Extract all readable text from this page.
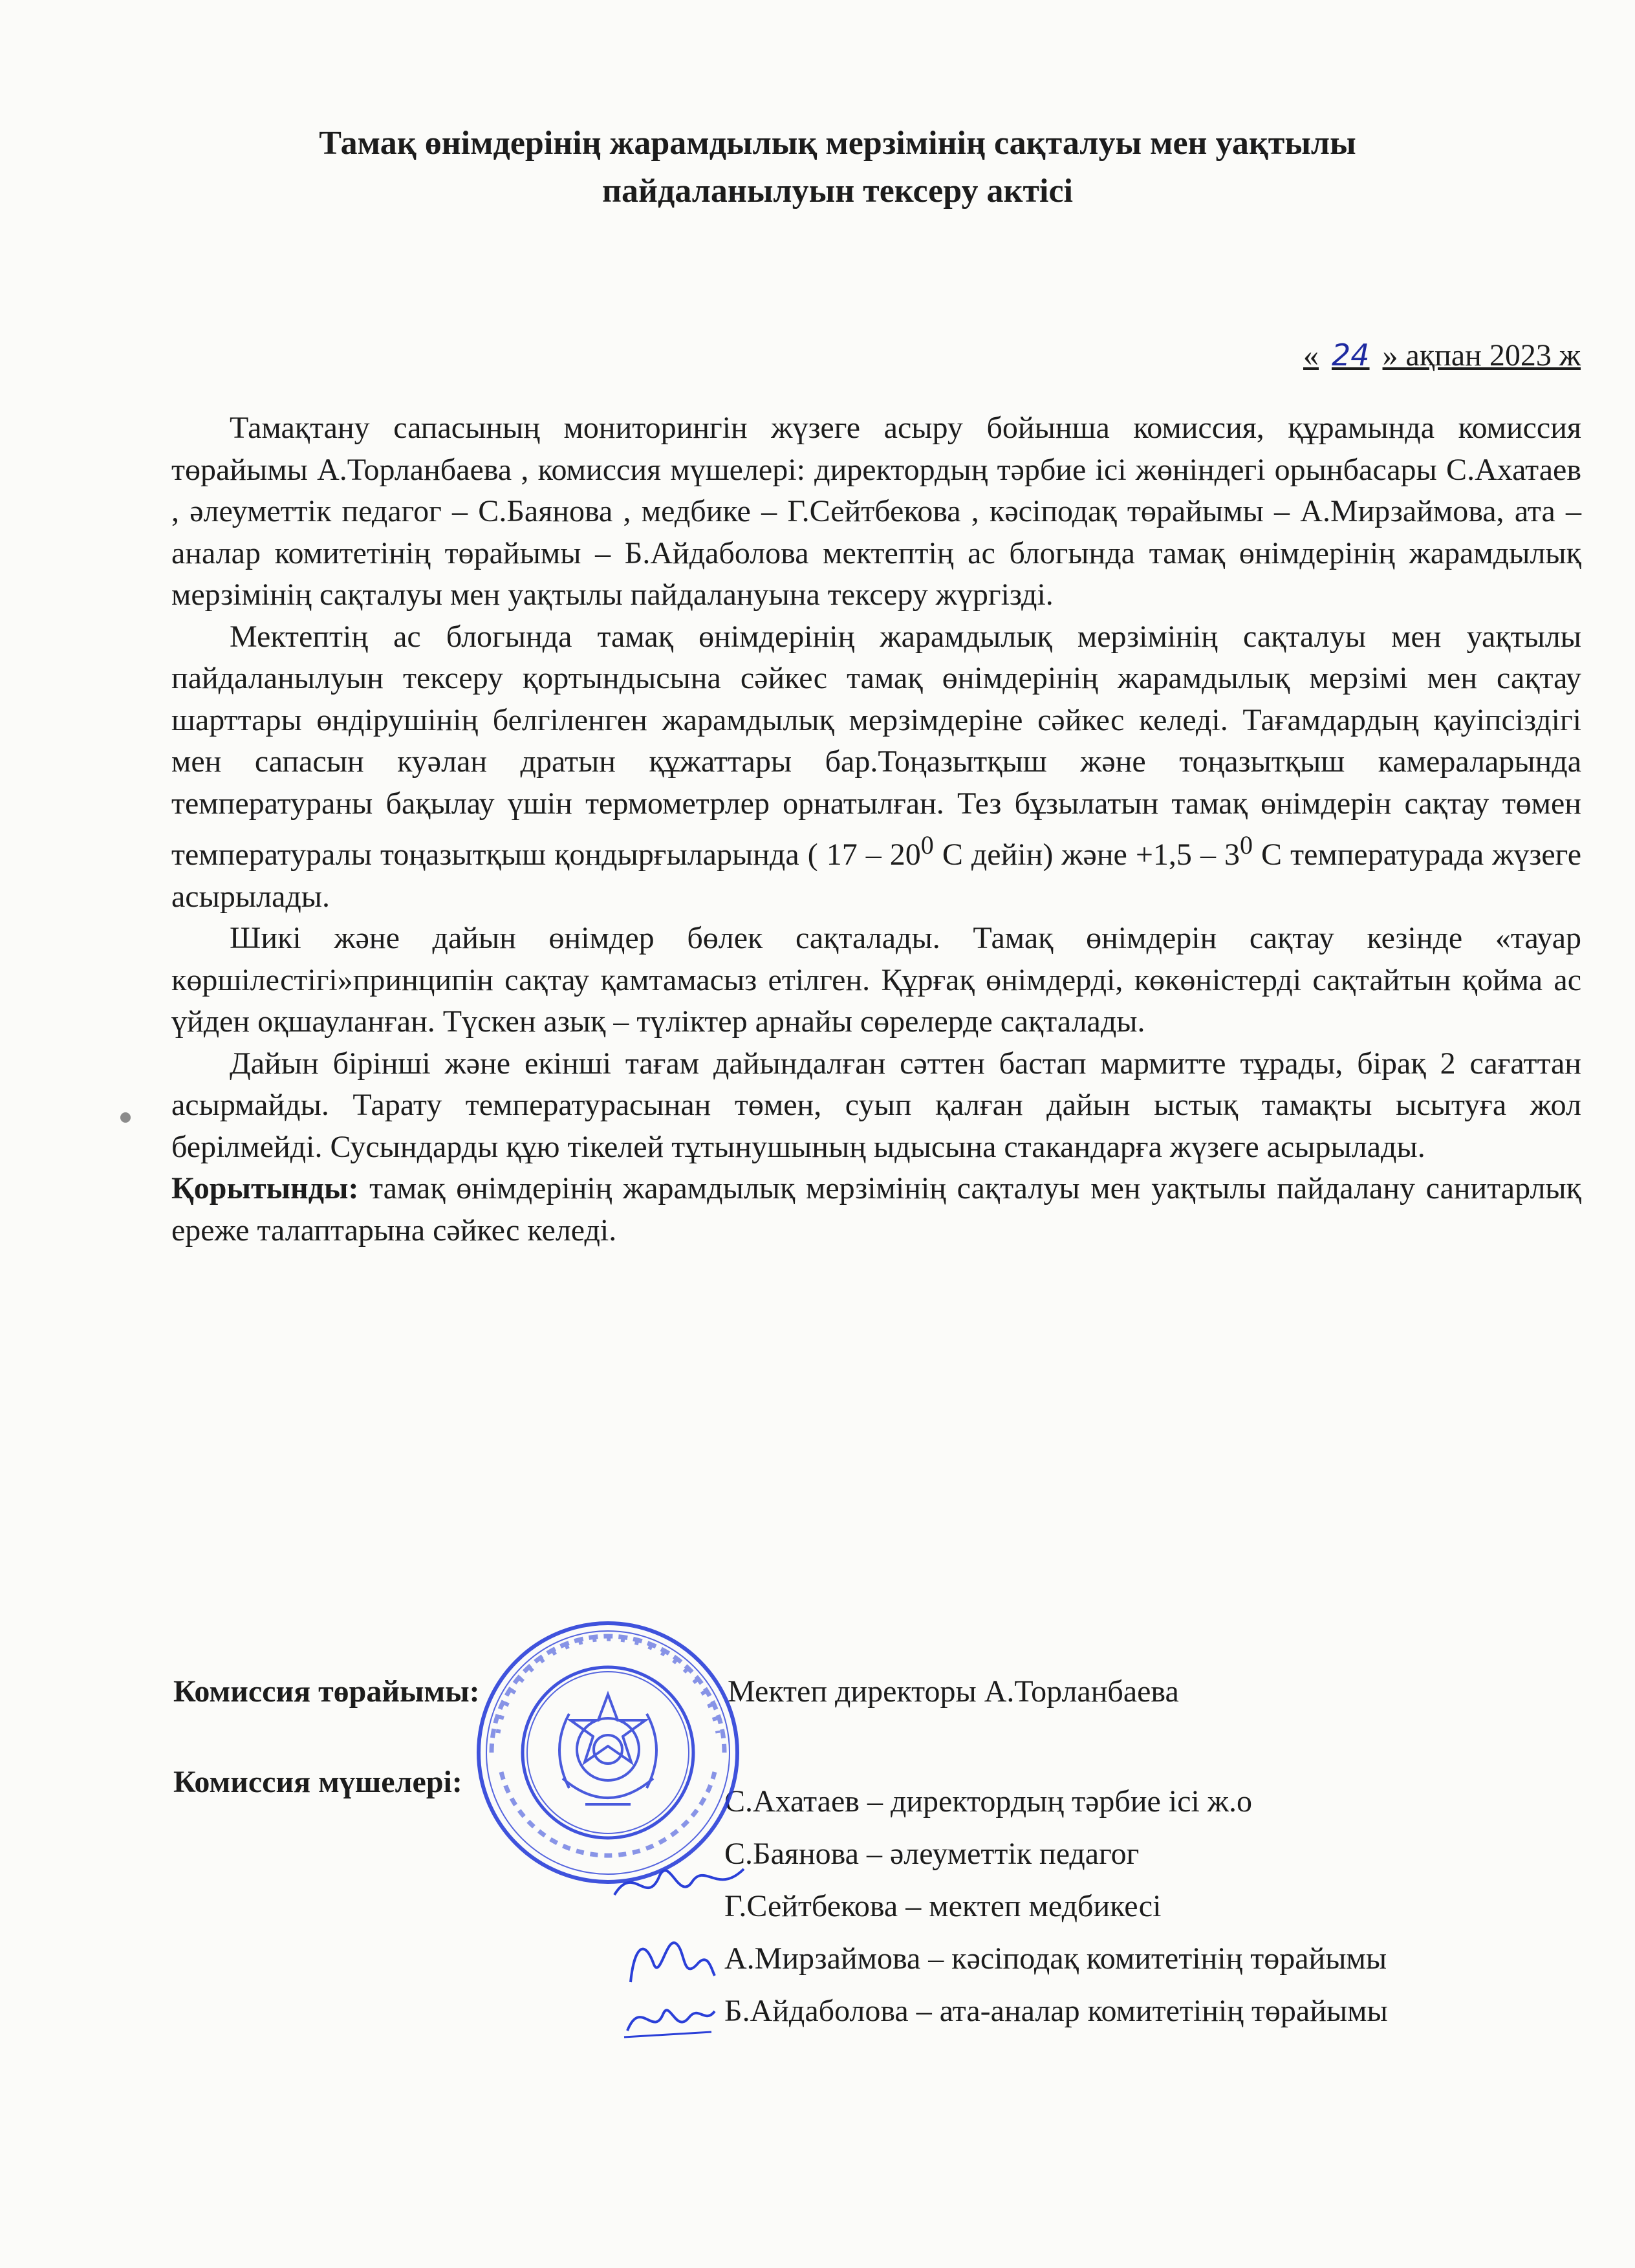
Тамақ өнімдерінің жарамдылық мерзімінің сақталуы мен уақтылы
пайдаланылуын тексеру актісі
« 24 » ақпан 2023 ж

Тамақтану сапасының мониторингін жүзеге асыру бойынша комиссия, құрамында комиссия төрайымы А.Торланбаева , комиссия мүшелері: директордың тәрбие ісі жөніндегі орынбасары С.Ахатаев , әлеуметтік педагог – С.Баянова , медбике – Г.Сейтбекова , кәсіподақ төрайымы – А.Мирзаймова, ата – аналар комитетінің төрайымы – Б.Айдаболова мектептің ас блогында тамақ өнімдерінің жарамдылық мерзімінің сақталуы мен уақтылы пайдалануына тексеру жүргізді.

Мектептің ас блогында тамақ өнімдерінің жарамдылық мерзімінің сақталуы мен уақтылы пайдаланылуын тексеру қортындысына сәйкес тамақ өнімдерінің жарамдылық мерзімі мен сақтау шарттары өндірушінің белгіленген жарамдылық мерзімдеріне сәйкес келеді. Тағамдардың қауіпсіздігі мен сапасын куәлан дратын құжаттары бар.Тоңазытқыш және тоңазытқыш камераларында температураны бақылау үшін термометрлер орнатылған. Тез бұзылатын тамақ өнімдерін сақтау төмен температуралы тоңазытқыш қондырғыларында ( $17 - 20^0$ С дейін) және $+1,5 - 3^0$ С температурада жүзеге асырылады.

Шикі және дайын өнімдер бөлек сақталады. Тамақ өнімдерін сақтау кезінде «тауар көршілестігі»принципін сақтау қамтамасыз етілген. Құрғақ өнімдерді, көкөністерді сақтайтын қойма ас үйден оқшауланған. Түскен азық – түліктер арнайы сөрелерде сақталады.

Дайын бірінші және екінші тағам дайындалған сәттен бастап мармитте тұрады, бірақ 2 сағаттан асырмайды. Тарату температурасынан төмен, суып қалған дайын ыстық тамақты ысытуға жол берілмейді. Сусындарды құю тікелей тұтынушының ыдысына стакандарға жүзеге асырылады.

Қорытынды: тамақ өнімдерінің жарамдылық мерзімінің сақталуы мен уақтылы пайдалану санитарлық ереже талаптарына сәйкес келеді.

Комиссия төрайымы:	Мектеп директоры А.Торланбаева
Комиссия мүшелері:
С.Ахатаев – директордың тәрбие ісі ж.о
С.Баянова – әлеуметтік педагог
Г.Сейтбекова – мектеп медбикесі
А.Мирзаймова – кәсіподақ комитетінің төрайымы
Б.Айдаболова – ата-аналар комитетінің төрайымы
